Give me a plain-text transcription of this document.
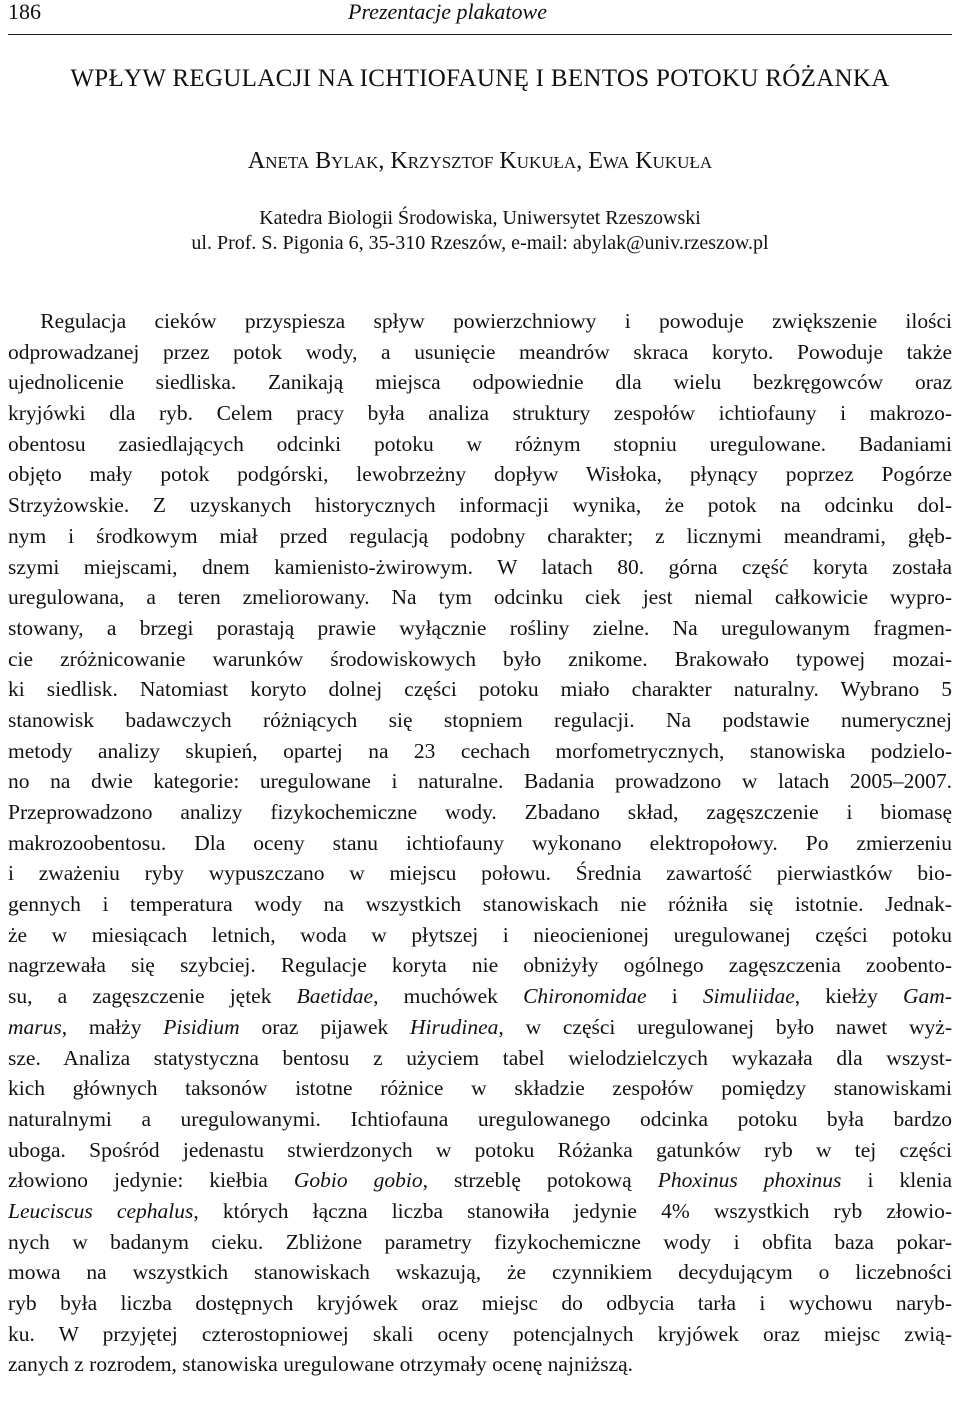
186	Prezentacje plakatowe
WPŁYW REGULACJI NA ICHTIOFAUNĘ I BENTOS POTOKU RÓŻANKA
Aneta Bylak, Krzysztof Kukuła, Ewa Kukuła
Katedra Biologii Środowiska, Uniwersytet Rzeszowski
ul. Prof. S. Pigonia 6, 35-310 Rzeszów, e-mail: abylak@univ.rzeszow.pl
  Regulacja cieków przyspiesza spływ powierzchniowy i powoduje zwiększenie ilości
odprowadzanej przez potok wody, a usunięcie meandrów skraca koryto. Powoduje także
ujednolicenie siedliska. Zanikają miejsca odpowiednie dla wielu bezkręgowców oraz
kryjówki dla ryb. Celem pracy była analiza struktury zespołów ichtiofauny i makrozo-
obentosu zasiedlających odcinki potoku w różnym stopniu uregulowane. Badaniami
objęto mały potok podgórski, lewobrzeżny dopływ Wisłoka, płynący poprzez Pogórze
Strzyżowskie. Z uzyskanych historycznych informacji wynika, że potok na odcinku dol-
nym i środkowym miał przed regulacją podobny charakter; z licznymi meandrami, głęb-
szymi miejscami, dnem kamienisto-żwirowym. W latach 80. górna część koryta została
uregulowana, a teren zmeliorowany. Na tym odcinku ciek jest niemal całkowicie wypro-
stowany, a brzegi porastają prawie wyłącznie rośliny zielne. Na uregulowanym fragmen-
cie zróżnicowanie warunków środowiskowych było znikome. Brakowało typowej mozai-
ki siedlisk. Natomiast koryto dolnej części potoku miało charakter naturalny. Wybrano 5
stanowisk badawczych różniących się stopniem regulacji. Na podstawie numerycznej
metody analizy skupień, opartej na 23 cechach morfometrycznych, stanowiska podzielo-
no na dwie kategorie: uregulowane i naturalne. Badania prowadzono w latach 2005–2007.
Przeprowadzono analizy fizykochemiczne wody. Zbadano skład, zagęszczenie i biomasę
makrozoobentosu. Dla oceny stanu ichtiofauny wykonano elektropołowy. Po zmierzeniu
i zważeniu ryby wypuszczano w miejscu połowu. Średnia zawartość pierwiastków bio-
gennych i temperatura wody na wszystkich stanowiskach nie różniła się istotnie. Jednak-
że w miesiącach letnich, woda w płytszej i nieocienionej uregulowanej części potoku
nagrzewała się szybciej. Regulacje koryta nie obniżyły ogólnego zagęszczenia zoobento-
su, a zagęszczenie jętek Baetidae, muchówek Chironomidae i Simuliidae, kiełży Gam-
marus, małży Pisidium oraz pijawek Hirudinea, w części uregulowanej było nawet wyż-
sze. Analiza statystyczna bentosu z użyciem tabel wielodzielczych wykazała dla wszyst-
kich głównych taksonów istotne różnice w składzie zespołów pomiędzy stanowiskami
naturalnymi a uregulowanymi. Ichtiofauna uregulowanego odcinka potoku była bardzo
uboga. Spośród jedenastu stwierdzonych w potoku Różanka gatunków ryb w tej części
złowiono jedynie: kiełbia Gobio gobio, strzeblę potokową Phoxinus phoxinus i klenia
Leuciscus cephalus, których łączna liczba stanowiła jedynie 4% wszystkich ryb złowio-
nych w badanym cieku. Zbliżone parametry fizykochemiczne wody i obfita baza pokar-
mowa na wszystkich stanowiskach wskazują, że czynnikiem decydującym o liczebności
ryb była liczba dostępnych kryjówek oraz miejsc do odbycia tarła i wychowu naryb-
ku. W przyjętej czterostopniowej skali oceny potencjalnych kryjówek oraz miejsc zwią-
zanych z rozrodem, stanowiska uregulowane otrzymały ocenę najniższą.
